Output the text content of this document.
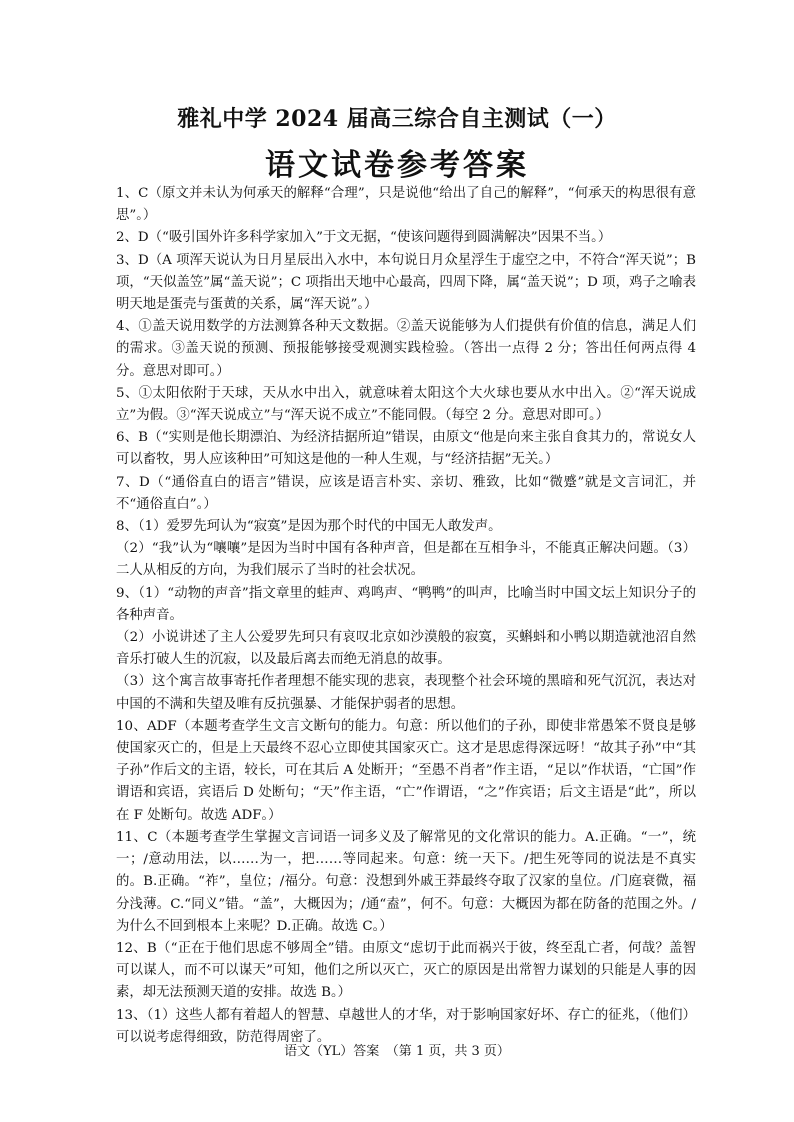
雅礼中学 2024 届高三综合自主测试（一）
语文试卷参考答案

1、C（原文并未认为何承天的解释“合理”，只是说他“给出了自己的解释”，“何承天的构思很有意思”。）

2、D（“吸引国外许多科学家加入”于文无据，“使该问题得到圆满解决”因果不当。）

3、D（A 项浑天说认为日月星辰出入水中，本句说日月众星浮生于虚空之中，不符合“浑天说”；B 项，“天似盖笠”属“盖天说”；C 项指出天地中心最高，四周下降，属“盖天说”；D 项，鸡子之喻表明天地是蛋壳与蛋黄的关系，属“浑天说”。）

4、①盖天说用数学的方法测算各种天文数据。②盖天说能够为人们提供有价值的信息，满足人们的需求。③盖天说的预测、预报能够接受观测实践检验。（答出一点得 2 分；答出任何两点得 4 分。意思对即可。）

5、①太阳依附于天球，天从水中出入，就意味着太阳这个大火球也要从水中出入。②“浑天说成立”为假。③“浑天说成立”与“浑天说不成立”不能同假。（每空 2 分。意思对即可。）

6、B（“实则是他长期漂泊、为经济拮据所迫”错误，由原文“他是向来主张自食其力的，常说女人可以畜牧，男人应该种田”可知这是他的一种人生观，与“经济拮据”无关。）

7、D（“通俗直白的语言”错误，应该是语言朴实、亲切、雅致，比如“微蹙”就是文言词汇，并不“通俗直白”。）

8、（1）爱罗先珂认为“寂寞”是因为那个时代的中国无人敢发声。

（2）“我”认为“嚷嚷”是因为当时中国有各种声音，但是都在互相争斗，不能真正解决问题。（3）二人从相反的方向，为我们展示了当时的社会状况。

9、（1）“动物的声音”指文章里的蛙声、鸡鸣声、“鸭鸭”的叫声，比喻当时中国文坛上知识分子的各种声音。

（2）小说讲述了主人公爱罗先珂只有哀叹北京如沙漠般的寂寞，买蝌蚪和小鸭以期造就池沼自然音乐打破人生的沉寂，以及最后离去而绝无消息的故事。

（3）这个寓言故事寄托作者理想不能实现的悲哀，表现整个社会环境的黑暗和死气沉沉，表达对中国的不满和失望及唯有反抗强暴、才能保护弱者的思想。

10、ADF（本题考查学生文言文断句的能力。句意：所以他们的子孙，即使非常愚笨不贤良是够使国家灭亡的，但是上天最终不忍心立即使其国家灭亡。这才是思虑得深远呀！“故其子孙”中“其子孙”作后文的主语，较长，可在其后 A 处断开；“至愚不肖者”作主语，“足以”作状语，“亡国”作谓语和宾语，宾语后 D 处断句；“天”作主语，“亡”作谓语，“之”作宾语；后文主语是“此”，所以在 F 处断句。故选 ADF。）

11、C（本题考查学生掌握文言词语一词多义及了解常见的文化常识的能力。A.正确。“一”，统一；/意动用法，以……为一，把……等同起来。句意：统一天下。/把生死等同的说法是不真实的。B.正确。“祚”，皇位；/福分。句意：没想到外戚王莽最终夺取了汉家的皇位。/门庭衰微，福分浅薄。C.“同义”错。“盖”，大概因为；/通“盍”，何不。句意：大概因为都在防备的范围之外。/为什么不回到根本上来呢？D.正确。故选 C。）

12、B（“正在于他们思虑不够周全”错。由原文“虑切于此而祸兴于彼，终至乱亡者，何哉？盖智可以谋人，而不可以谋天”可知，他们之所以灭亡，灭亡的原因是出常智力谋划的只能是人事的因素，却无法预测天道的安排。故选 B。）

13、（1）这些人都有着超人的智慧、卓越世人的才华，对于影响国家好坏、存亡的征兆，（他们）可以说考虑得细致，防范得周密了。

语文（YL）答案　（第 1 页，共 3 页）
